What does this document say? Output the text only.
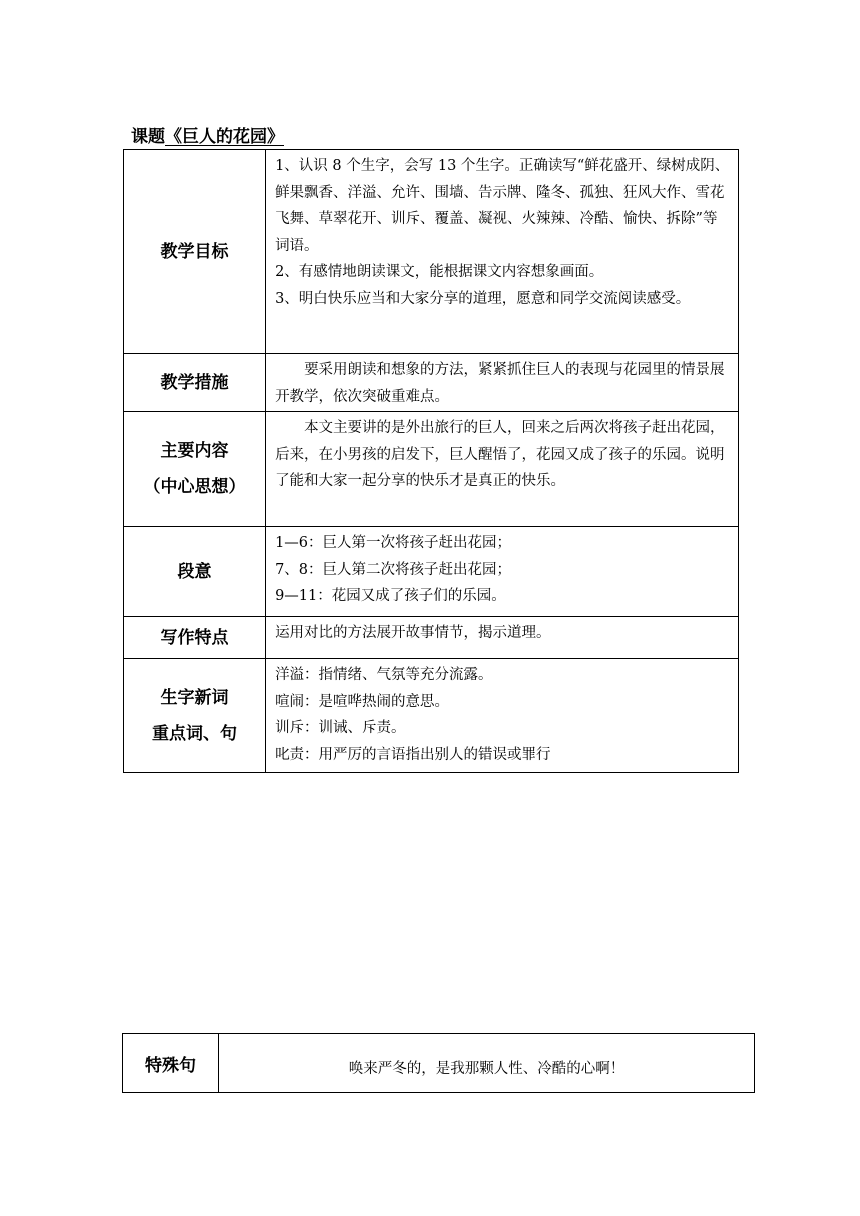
课题《巨人的花园》
教学目标	1、认识 8 个生字，会写 13 个生字。正确读写“鲜花盛开、绿树成阴、鲜果飘香、洋溢、允许、围墙、告示牌、隆冬、孤独、狂风大作、雪花飞舞、草翠花开、训斥、覆盖、凝视、火辣辣、冷酷、愉快、拆除”等词语。
2、有感情地朗读课文，能根据课文内容想象画面。
3、明白快乐应当和大家分享的道理，愿意和同学交流阅读感受。

教学措施	要采用朗读和想象的方法，紧紧抓住巨人的表现与花园里的情景展开教学，依次突破重难点。

主要内容
（中心思想）	本文主要讲的是外出旅行的巨人，回来之后两次将孩子赶出花园，后来，在小男孩的启发下，巨人醒悟了，花园又成了孩子的乐园。说明了能和大家一起分享的快乐才是真正的快乐。

段意	1—6：巨人第一次将孩子赶出花园；
7、8：巨人第二次将孩子赶出花园；
9—11：花园又成了孩子们的乐园。

写作特点	运用对比的方法展开故事情节，揭示道理。

生字新词
重点词、句	洋溢：指情绪、气氛等充分流露。
喧闹：是喧哗热闹的意思。
训斥：训诫、斥责。
叱责：用严厉的言语指出别人的错误或罪行
特殊句	唤来严冬的，是我那颗人性、冷酷的心啊！
